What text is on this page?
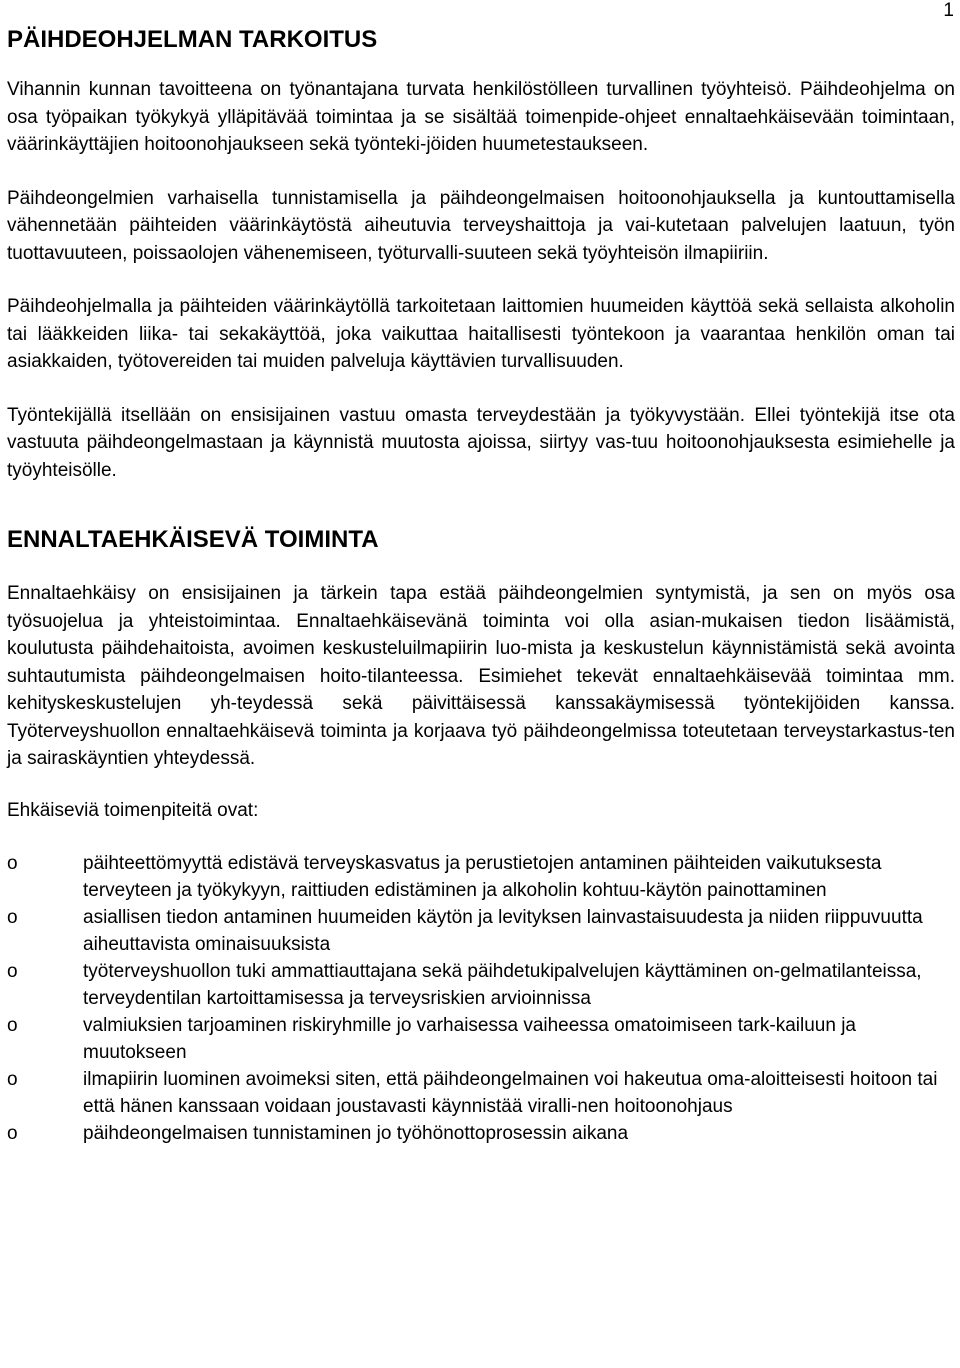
1
PÄIHDEOHJELMAN TARKOITUS

Vihannin kunnan tavoitteena on työnantajana turvata henkilöstölleen turvallinen työyhteisö. Päihdeohjelma on osa työpaikan työkykyä ylläpitävää toimintaa ja se sisältää toimenpide-ohjeet ennaltaehkäisevään toimintaan, väärinkäyttäjien hoitoonohjaukseen sekä työnteki-jöiden huumetestaukseen.

Päihdeongelmien varhaisella tunnistamisella ja päihdeongelmaisen hoitoonohjauksella ja kuntouttamisella vähennetään päihteiden väärinkäytöstä aiheutuvia terveyshaittoja ja vai-kutetaan palvelujen laatuun, työn tuottavuuteen, poissaolojen vähenemiseen, työturvalli-suuteen sekä työyhteisön ilmapiiriin.

Päihdeohjelmalla ja päihteiden väärinkäytöllä tarkoitetaan laittomien huumeiden käyttöä sekä sellaista alkoholin tai lääkkeiden liika- tai sekakäyttöä, joka vaikuttaa haitallisesti työntekoon ja vaarantaa henkilön oman tai asiakkaiden, työtovereiden tai muiden palveluja käyttävien turvallisuuden.

Työntekijällä itsellään on ensisijainen vastuu omasta terveydestään ja työkyvystään. Ellei työntekijä itse ota vastuuta päihdeongelmastaan ja käynnistä muutosta ajoissa, siirtyy vas-tuu hoitoonohjauksesta esimiehelle ja työyhteisölle.

ENNALTAEHKÄISEVÄ TOIMINTA

Ennaltaehkäisy on ensisijainen ja tärkein tapa estää päihdeongelmien syntymistä, ja sen on myös osa työsuojelua ja yhteistoimintaa. Ennaltaehkäisevänä toiminta voi olla asian-mukaisen tiedon lisäämistä, koulutusta päihdehaitoista, avoimen keskusteluilmapiirin luo-mista ja keskustelun käynnistämistä sekä avointa suhtautumista päihdeongelmaisen hoito-tilanteessa. Esimiehet tekevät ennaltaehkäisevää toimintaa mm. kehityskeskustelujen yh-teydessä sekä päivittäisessä kanssakäymisessä työntekijöiden kanssa. Työterveyshuollon ennaltaehkäisevä toiminta ja korjaava työ päihdeongelmissa toteutetaan terveystarkastus-ten ja sairaskäyntien yhteydessä.

Ehkäiseviä toimenpiteitä ovat:

o	päihteettömyyttä edistävä terveyskasvatus ja perustietojen antaminen päihteiden vaikutuksesta terveyteen ja työkykyyn, raittiuden edistäminen ja alkoholin kohtuu-käytön painottaminen
o	asiallisen tiedon antaminen huumeiden käytön ja levityksen lainvastaisuudesta ja niiden riippuvuutta aiheuttavista ominaisuuksista
o	työterveyshuollon tuki ammattiauttajana sekä päihdetukipalvelujen käyttäminen on-gelmatilanteissa, terveydentilan kartoittamisessa ja terveysriskien arvioinnissa
o	valmiuksien tarjoaminen riskiryhmille jo varhaisessa vaiheessa omatoimiseen tark-kailuun ja muutokseen
o	ilmapiirin luominen avoimeksi siten, että päihdeongelmainen voi hakeutua oma-aloitteisesti hoitoon tai että hänen kanssaan voidaan joustavasti käynnistää viralli-nen hoitoonohjaus
o	päihdeongelmaisen tunnistaminen jo työhönottoprosessin aikana
